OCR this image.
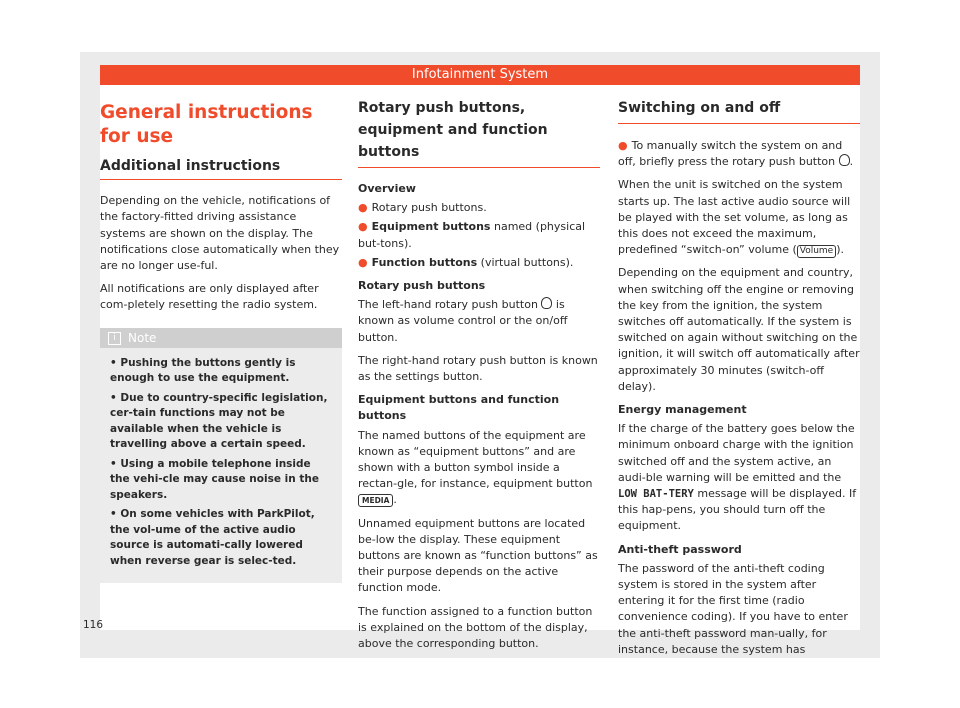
Infotainment System
General instructions for use
Additional instructions

Depending on the vehicle, notifications of the factory-fitted driving assistance systems are shown on the display. The notifications close automatically when they are no longer use-ful.

All notifications are only displayed after com-pletely resetting the radio system.

i Note

• Pushing the buttons gently is enough to use the equipment.

• Due to country-specific legislation, cer-tain functions may not be available when the vehicle is travelling above a certain speed.

• Using a mobile telephone inside the vehi-cle may cause noise in the speakers.

• On some vehicles with ParkPilot, the vol-ume of the active audio source is automati-cally lowered when reverse gear is selec-ted.

Rotary push buttons, equipment and function buttons

Overview

● Rotary push buttons.

● Equipment buttons named (physical but-tons).

● Function buttons (virtual buttons).

Rotary push buttons

The left-hand rotary push button  is known as volume control or the on/off button.

The right-hand rotary push button is known as the settings button.

Equipment buttons and function buttons

The named buttons of the equipment are known as “equipment buttons” and are shown with a button symbol inside a rectan-gle, for instance, equipment button MEDIA .

Unnamed equipment buttons are located be-low the display. These equipment buttons are known as “function buttons” as their purpose depends on the active function mode.

The function assigned to a function button is explained on the bottom of the display, above the corresponding button.

Switching on and off

● To manually switch the system on and off, briefly press the rotary push button .

When the unit is switched on the system starts up. The last active audio source will be played with the set volume, as long as this does not exceed the maximum, predefined “switch-on” volume ( Volume ).

Depending on the equipment and country, when switching off the engine or removing the key from the ignition, the system switches off automatically. If the system is switched on again without switching on the ignition, it will switch off automatically after approximately 30 minutes (switch-off delay).

Energy management

If the charge of the battery goes below the minimum onboard charge with the ignition switched off and the system active, an audi-ble warning will be emitted and the LOW BAT-TERY message will be displayed. If this hap-pens, you should turn off the equipment.

Anti-theft password

The password of the anti-theft coding system is stored in the system after entering it for the first time (radio convenience coding). If you have to enter the anti-theft password man-ually, for instance, because the system has

116
